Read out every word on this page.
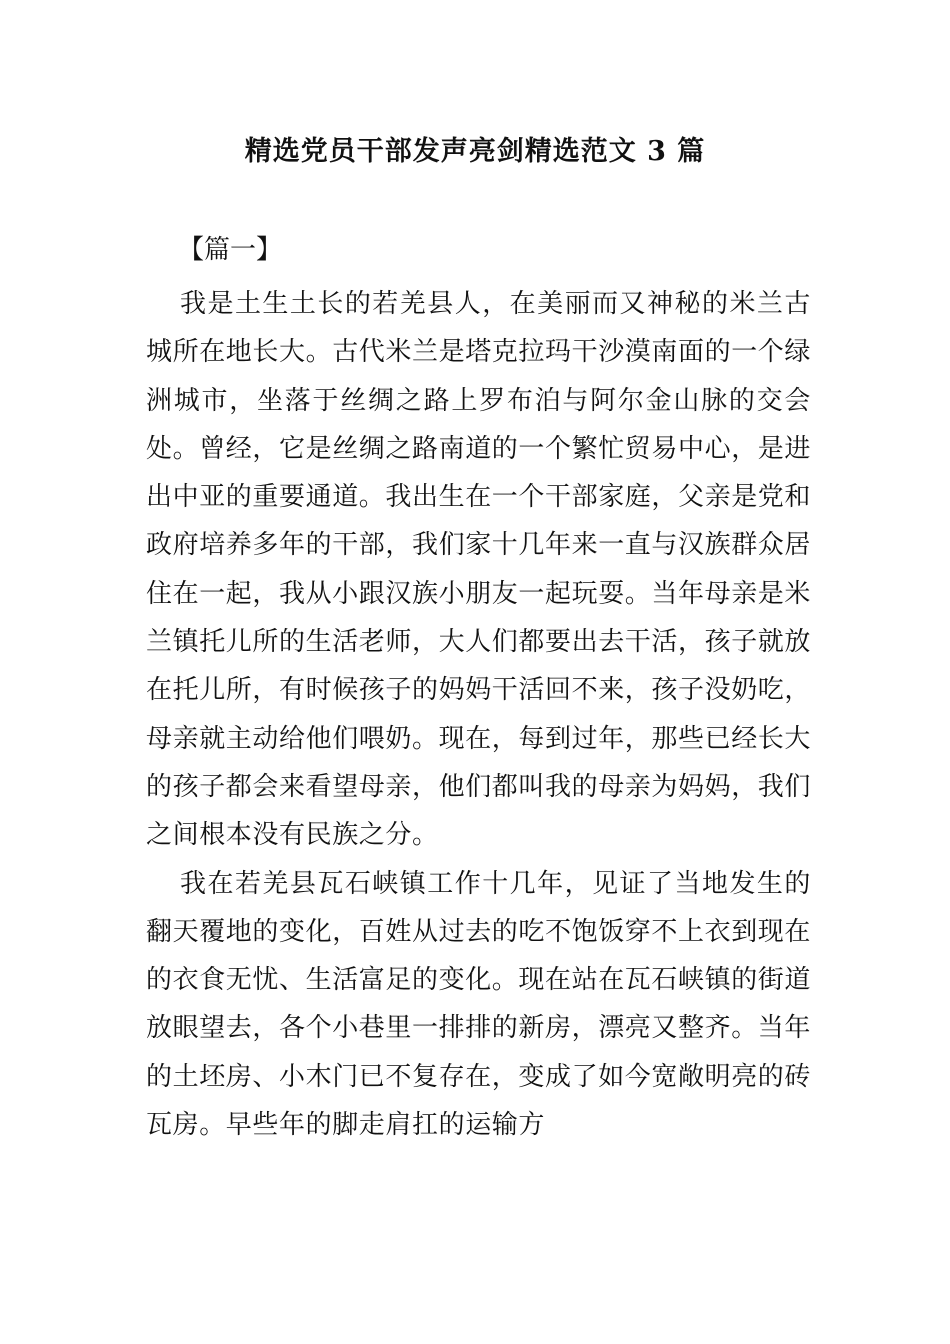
精选党员干部发声亮剑精选范文 3 篇

【篇一】

我是土生土长的若羌县人，在美丽而又神秘的米兰古城所在地长大。古代米兰是塔克拉玛干沙漠南面的一个绿洲城市，坐落于丝绸之路上罗布泊与阿尔金山脉的交会处。曾经，它是丝绸之路南道的一个繁忙贸易中心，是进出中亚的重要通道。我出生在一个干部家庭，父亲是党和政府培养多年的干部，我们家十几年来一直与汉族群众居住在一起，我从小跟汉族小朋友一起玩耍。当年母亲是米兰镇托儿所的生活老师，大人们都要出去干活，孩子就放在托儿所，有时候孩子的妈妈干活回不来，孩子没奶吃，母亲就主动给他们喂奶。现在，每到过年，那些已经长大的孩子都会来看望母亲，他们都叫我的母亲为妈妈，我们之间根本没有民族之分。

我在若羌县瓦石峡镇工作十几年，见证了当地发生的翻天覆地的变化，百姓从过去的吃不饱饭穿不上衣到现在的衣食无忧、生活富足的变化。现在站在瓦石峡镇的街道放眼望去，各个小巷里一排排的新房，漂亮又整齐。当年的土坯房、小木门已不复存在，变成了如今宽敞明亮的砖瓦房。早些年的脚走肩扛的运输方
